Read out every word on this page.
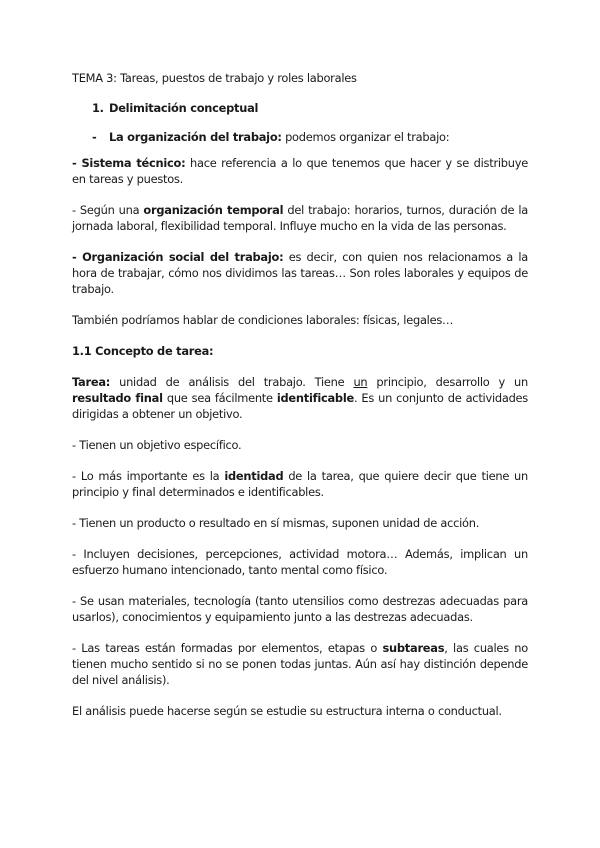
TEMA 3: Tareas, puestos de trabajo y roles laborales

1. Delimitación conceptual

- La organización del trabajo: podemos organizar el trabajo:

- Sistema técnico: hace referencia a lo que tenemos que hacer y se distribuye en tareas y puestos.

- Según una organización temporal del trabajo: horarios, turnos, duración de la jornada laboral, flexibilidad temporal. Influye mucho en la vida de las personas.

- Organización social del trabajo: es decir, con quien nos relacionamos a la hora de trabajar, cómo nos dividimos las tareas… Son roles laborales y equipos de trabajo.

También podríamos hablar de condiciones laborales: físicas, legales…

1.1 Concepto de tarea:

Tarea: unidad de análisis del trabajo. Tiene un principio, desarrollo y un resultado final que sea fácilmente identificable. Es un conjunto de actividades dirigidas a obtener un objetivo.

- Tienen un objetivo específico.

- Lo más importante es la identidad de la tarea, que quiere decir que tiene un principio y final determinados e identificables.

- Tienen un producto o resultado en sí mismas, suponen unidad de acción.

- Incluyen decisiones, percepciones, actividad motora… Además, implican un esfuerzo humano intencionado, tanto mental como físico.

- Se usan materiales, tecnología (tanto utensilios como destrezas adecuadas para usarlos), conocimientos y equipamiento junto a las destrezas adecuadas.

- Las tareas están formadas por elementos, etapas o subtareas, las cuales no tienen mucho sentido si no se ponen todas juntas. Aún así hay distinción depende del nivel análisis).

El análisis puede hacerse según se estudie su estructura interna o conductual.
